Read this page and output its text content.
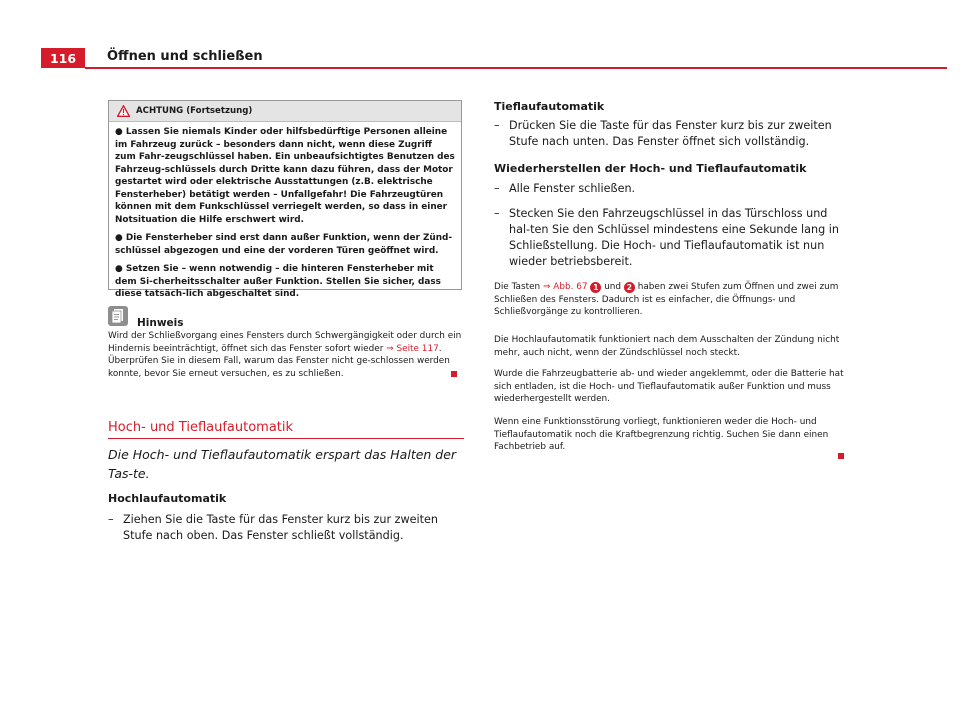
116	Öffnen und schließen
ACHTUNG (Fortsetzung)

● Lassen Sie niemals Kinder oder hilfsbedürftige Personen alleine im Fahrzeug zurück – besonders dann nicht, wenn diese Zugriff zum Fahr-zeugschlüssel haben. Ein unbeaufsichtigtes Benutzen des Fahrzeug-schlüssels durch Dritte kann dazu führen, dass der Motor gestartet wird oder elektrische Ausstattungen (z.B. elektrische Fensterheber) betätigt werden – Unfallgefahr! Die Fahrzeugtüren können mit dem Funkschlüssel verriegelt werden, so dass in einer Notsituation die Hilfe erschwert wird.

● Die Fensterheber sind erst dann außer Funktion, wenn der Zünd-schlüssel abgezogen und eine der vorderen Türen geöffnet wird.

● Setzen Sie – wenn notwendig – die hinteren Fensterheber mit dem Si-cherheitsschalter außer Funktion. Stellen Sie sicher, dass diese tatsäch-lich abgeschaltet sind.

Hinweis

Wird der Schließvorgang eines Fensters durch Schwergängigkeit oder durch ein Hindernis beeinträchtigt, öffnet sich das Fenster sofort wieder ⇒ Seite 117. Überprüfen Sie in diesem Fall, warum das Fenster nicht ge-schlossen werden konnte, bevor Sie erneut versuchen, es zu schließen.

Hoch- und Tieflaufautomatik

Die Hoch- und Tieflaufautomatik erspart das Halten der Tas-te.

Hochlaufautomatik

– Ziehen Sie die Taste für das Fenster kurz bis zur zweiten Stufe nach oben. Das Fenster schließt vollständig.

Tieflaufautomatik

– Drücken Sie die Taste für das Fenster kurz bis zur zweiten Stufe nach unten. Das Fenster öffnet sich vollständig.

Wiederherstellen der Hoch- und Tieflaufautomatik

– Alle Fenster schließen.

– Stecken Sie den Fahrzeugschlüssel in das Türschloss und hal-ten Sie den Schlüssel mindestens eine Sekunde lang in Schließstellung. Die Hoch- und Tieflaufautomatik ist nun wieder betriebsbereit.

Die Tasten ⇒ Abb. 67 1 und 2 haben zwei Stufen zum Öffnen und zwei zum Schließen des Fensters. Dadurch ist es einfacher, die Öffnungs- und Schließvorgänge zu kontrollieren.

Die Hochlaufautomatik funktioniert nach dem Ausschalten der Zündung nicht mehr, auch nicht, wenn der Zündschlüssel noch steckt.

Wurde die Fahrzeugbatterie ab- und wieder angeklemmt, oder die Batterie hat sich entladen, ist die Hoch- und Tieflaufautomatik außer Funktion und muss wiederhergestellt werden.

Wenn eine Funktionsstörung vorliegt, funktionieren weder die Hoch- und Tieflaufautomatik noch die Kraftbegrenzung richtig. Suchen Sie dann einen Fachbetrieb auf.
